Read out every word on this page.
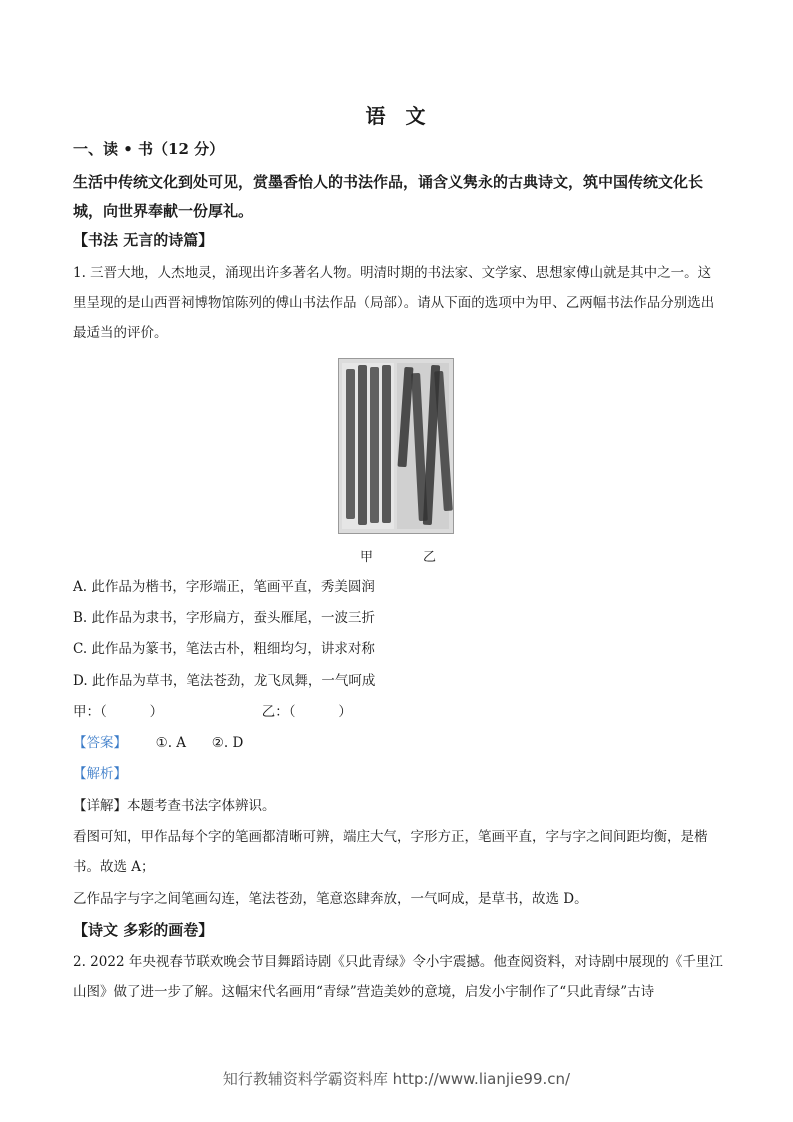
语 文
一、读 • 书（12 分）
生活中传统文化到处可见，赏墨香怡人的书法作品，诵含义隽永的古典诗文，筑中国传统文化长城，向世界奉献一份厚礼。
【书法 无言的诗篇】
1. 三晋大地，人杰地灵，涌现出许多著名人物。明清时期的书法家、文学家、思想家傅山就是其中之一。这里呈现的是山西晋祠博物馆陈列的傅山书法作品（局部）。请从下面的选项中为甲、乙两幅书法作品分别选出最适当的评价。
甲	乙
A. 此作品为楷书，字形端正，笔画平直，秀美圆润
B. 此作品为隶书，字形扁方，蚕头雁尾，一波三折
C. 此作品为篆书，笔法古朴，粗细均匀，讲求对称
D. 此作品为草书，笔法苍劲，龙飞凤舞，一气呵成
甲：（          ）	乙：（          ）
【答案】 ①. A      ②. D
【解析】
【详解】本题考查书法字体辨识。
看图可知，甲作品每个字的笔画都清晰可辨，端庄大气，字形方正，笔画平直，字与字之间间距均衡，是楷书。故选 A；
乙作品字与字之间笔画勾连，笔法苍劲，笔意恣肆奔放，一气呵成，是草书，故选 D。
【诗文 多彩的画卷】
2. 2022 年央视春节联欢晚会节目舞蹈诗剧《只此青绿》令小宇震撼。他查阅资料，对诗剧中展现的《千里江山图》做了进一步了解。这幅宋代名画用“青绿”营造美妙的意境，启发小宇制作了“只此青绿”古诗
知行教辅资料学霸资料库 http://www.lianjie99.cn/
